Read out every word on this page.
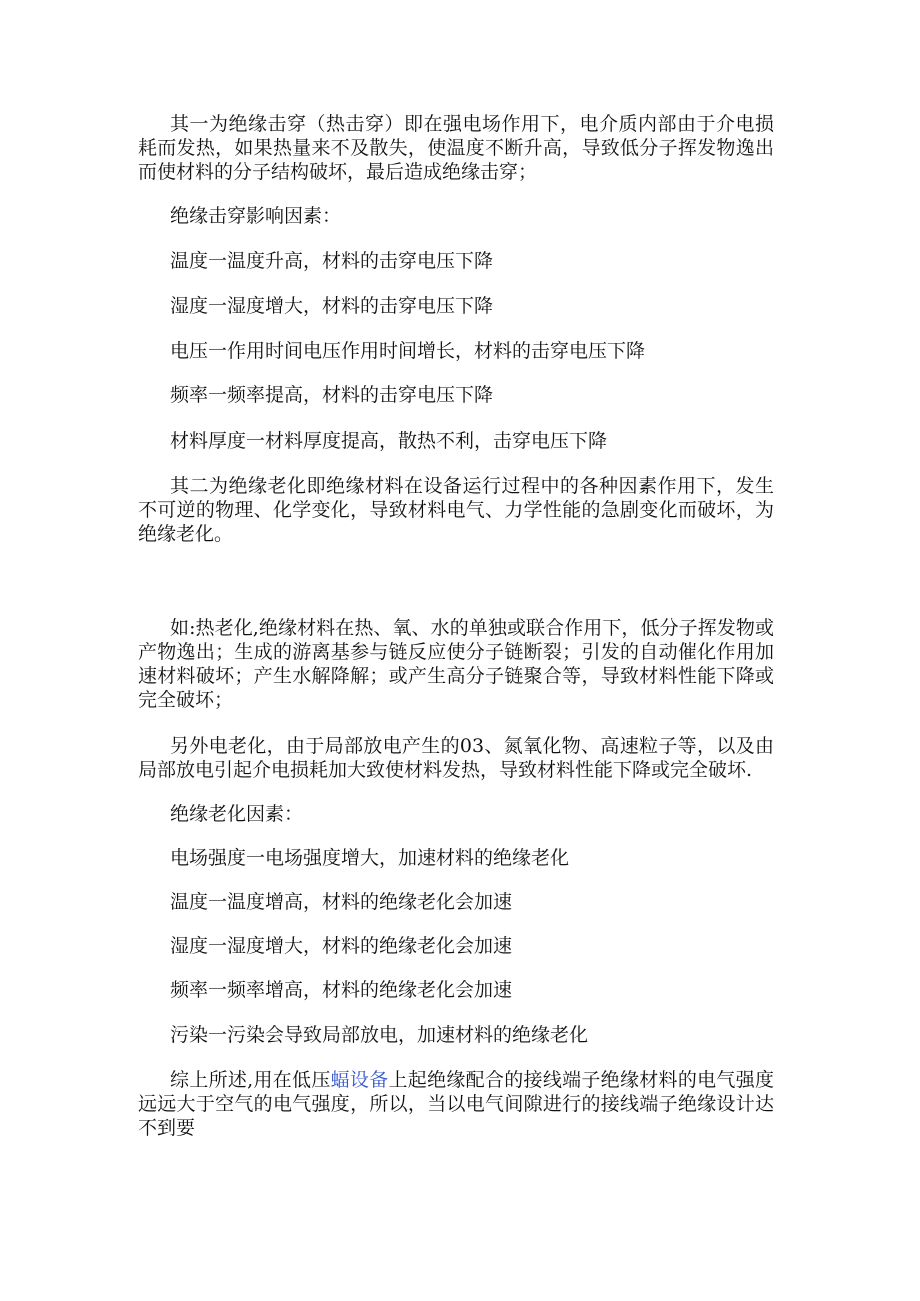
其一为绝缘击穿（热击穿）即在强电场作用下，电介质内部由于介电损耗而发热，如果热量来不及散失，使温度不断升高，导致低分子挥发物逸出而使材料的分子结构破坏，最后造成绝缘击穿；

绝缘击穿影响因素：

温度一温度升高，材料的击穿电压下降

湿度一湿度增大，材料的击穿电压下降

电压一作用时间电压作用时间增长，材料的击穿电压下降

频率一频率提高，材料的击穿电压下降

材料厚度一材料厚度提高，散热不利，击穿电压下降

其二为绝缘老化即绝缘材料在设备运行过程中的各种因素作用下，发生不可逆的物理、化学变化，导致材料电气、力学性能的急剧变化而破坏，为绝缘老化。

如:热老化,绝缘材料在热、氧、水的单独或联合作用下，低分子挥发物或产物逸出；生成的游离基参与链反应使分子链断裂；引发的自动催化作用加速材料破坏；产生水解降解；或产生高分子链聚合等，导致材料性能下降或完全破坏；

另外电老化，由于局部放电产生的03、氮氧化物、高速粒子等，以及由局部放电引起介电损耗加大致使材料发热，导致材料性能下降或完全破坏.

绝缘老化因素：

电场强度一电场强度增大，加速材料的绝缘老化

温度一温度增高，材料的绝缘老化会加速

湿度一湿度增大，材料的绝缘老化会加速

频率一频率增高，材料的绝缘老化会加速

污染一污染会导致局部放电，加速材料的绝缘老化

综上所述,用在低压蝠设备上起绝缘配合的接线端子绝缘材料的电气强度远远大于空气的电气强度，所以，当以电气间隙进行的接线端子绝缘设计达不到要
